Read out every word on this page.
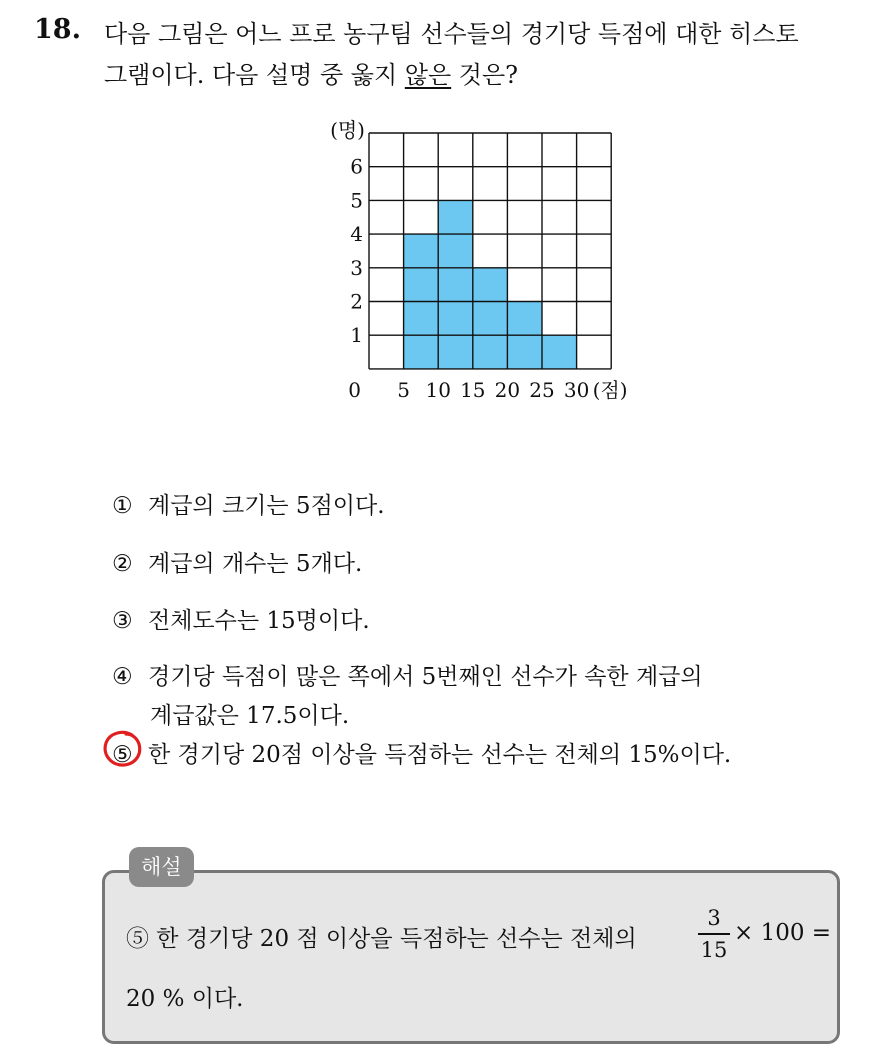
18. 다음 그림은 어느 프로 농구팀 선수들의 경기당 득점에 대한 히스토
그램이다. 다음 설명 중 옳지 않은 것은?
1
2
3
4
5
6
(명)
0 5 10 15 20 25 30 (점)
① 계급의 크기는 5점이다.
② 계급의 개수는 5개다.
③ 전체도수는 15명이다.
④ 경기당 득점이 많은 쪽에서 5번째인 선수가 속한 계급의
계급값은 17.5이다.
⑤ 한 경기당 20점 이상을 득점하는 선수는 전체의 15%이다.
해설
⑤ 한 경기당 20 점 이상을 득점하는 선수는 전체의
3
15
× 100 =
20 % 이다.
